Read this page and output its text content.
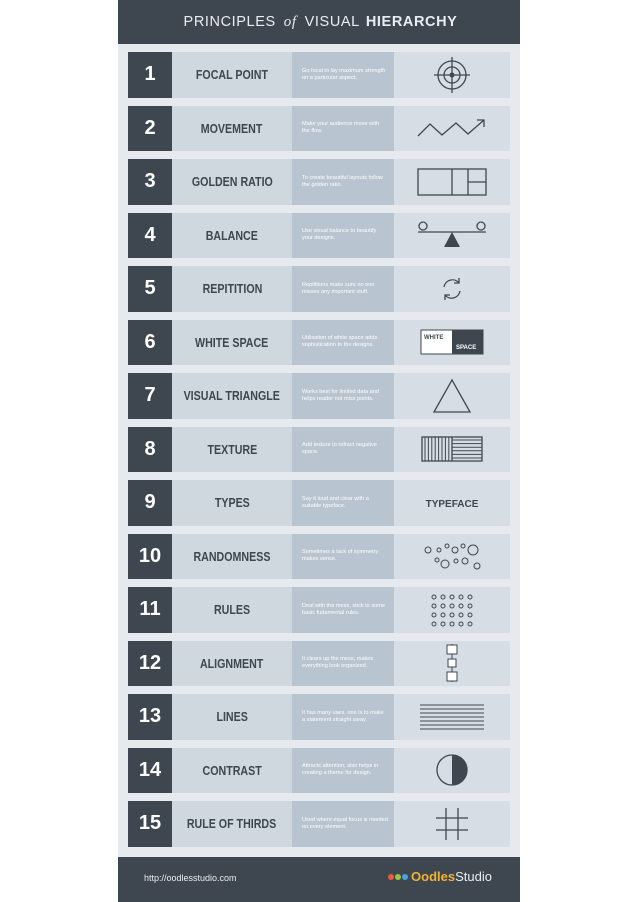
PRINCIPLES of VISUAL HIERARCHY
1	FOCAL POINT	Go focal to lay maximum strength on a particular aspect.
2	MOVEMENT	Make your audience move with the flow.
3	GOLDEN RATIO	To create beautiful layouts follow the golden ratio.
4	BALANCE	Use visual balance to beautify your designs.
5	REPITITION	Repititions make sure no one misses any important stuff.
6	WHITE SPACE	Utilisation of white space adds sophistication to the designs.
WHITE
SPACE
7	VISUAL TRIANGLE	Works best for limited data and helps reader not miss points.
8	TEXTURE	Add texture to refract negative space.
9	TYPES	Say it loud and clear with a suitable typeface.	TYPEFACE
10	RANDOMNESS	Sometimes a lack of symmetry makes sense.
11	RULES	Deal with the mess, stick to some basic fudamental rules.
12	ALIGNMENT	It clears up the mess, makes everything look organized.
13	LINES	It has many uses, one is to make a statement straight away.
14	CONTRAST	Attracts attention, also helps in creating a theme for design.
15	RULE OF THIRDS	Used where equal focus is needed on every element.
http://oodlesstudio.com	Oodles Studio
